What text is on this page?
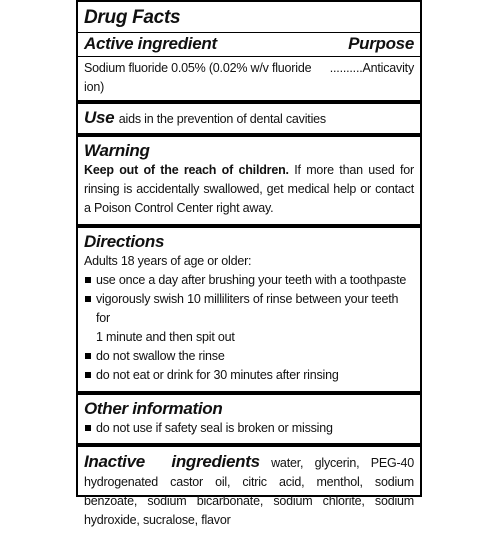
Drug Facts
Active ingredient	Purpose
Sodium fluoride 0.05% (0.02% w/v fluoride ion)
.......... Anticavity
Use aids in the prevention of dental cavities
Warning
Keep out of the reach of children. If more than used for rinsing is accidentally swallowed, get medical help or contact a Poison Control Center right away.
Directions
Adults 18 years of age or older:
use once a day after brushing your teeth with a toothpaste
vigorously swish 10 milliliters of rinse between your teeth for
1 minute and then spit out
do not swallow the rinse
do not eat or drink for 30 minutes after rinsing
Other information
do not use if safety seal is broken or missing
Inactive ingredients water, glycerin, PEG-40 hydrogenated castor oil, citric acid, menthol, sodium benzoate, sodium bicarbonate, sodium chlorite, sodium hydroxide, sucralose, flavor
